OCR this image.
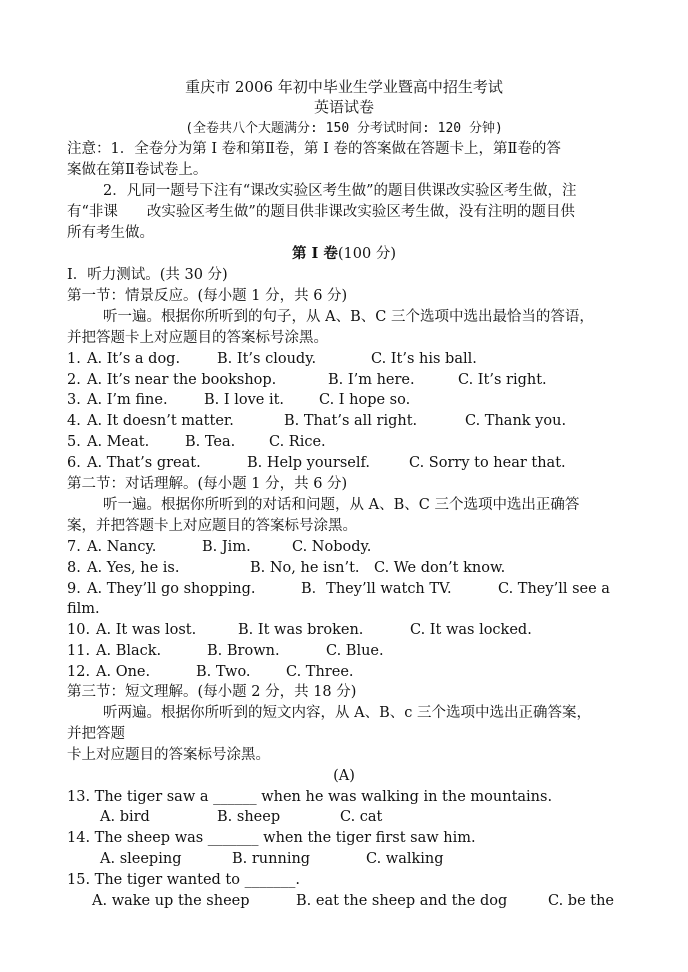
重庆市 2006 年初中毕业生学业暨高中招生考试
英语试卷
(全卷共八个大题满分: 150 分考试时间: 120 分钟)
注意：1．全卷分为第 I 卷和第Ⅱ卷，第 I 卷的答案做在答题卡上，第Ⅱ卷的答
案做在第Ⅱ卷试卷上。
2．凡同一题号下注有“课改实验区考生做”的题目供课改实验区考生做，注
有“非课　　改实验区考生做”的题目供非课改实验区考生做，没有注明的题目供
所有考生做。
第 I 卷(100 分)
I．听力测试。(共 30 分)
第一节：情景反应。(每小题 1 分，共 6 分)
听一遍。根据你所听到的句子，从 A、B、C 三个选项中选出最恰当的答语，
并把答题卡上对应题目的答案标号涂黑。
1. A. It’s a dog.	B. It’s cloudy.	C. It’s his ball.
2. A. It’s near the bookshop.	B. I’m here.	C. It’s right.
3. A. I’m fine.	B. I love it. C. I hope so.
4. A. It doesn’t matter.	B. That’s all right.	C. Thank you.
5. A. Meat. B. Tea. C. Rice.
6. A. That’s great.	B. Help yourself.	C. Sorry to hear that.
第二节：对话理解。(每小题 1 分，共 6 分)
听一遍。根据你所听到的对话和问题，从 A、B、C 三个选项中选出正确答
案，并把答题卡上对应题目的答案标号涂黑。
7. A. Nancy.	B. Jim.	C. Nobody.
8. A. Yes, he is.	B. No, he isn’t. C. We don’t know.
9. A. They’ll go shopping.	B．They’ll watch TV.	C. They’ll see a
film.
10. A. It was lost.	B. It was broken.	C. It was locked.
11. A. Black.	B. Brown.	C. Blue.
12. A. One.	B. Two. C. Three.
第三节：短文理解。(每小题 2 分，共 18 分)
听两遍。根据你所听到的短文内容，从 A、B、c 三个选项中选出正确答案，
并把答题
卡上对应题目的答案标号涂黑。
(A)
13. The tiger saw a ______ when he was walking in the mountains.
A. bird	B. sheep	C. cat
14. The sheep was _______ when the tiger first saw him.
A. sleeping	B. running	C. walking
15. The tiger wanted to _______.
A. wake up the sheep	B. eat the sheep and the dog	C. be the
